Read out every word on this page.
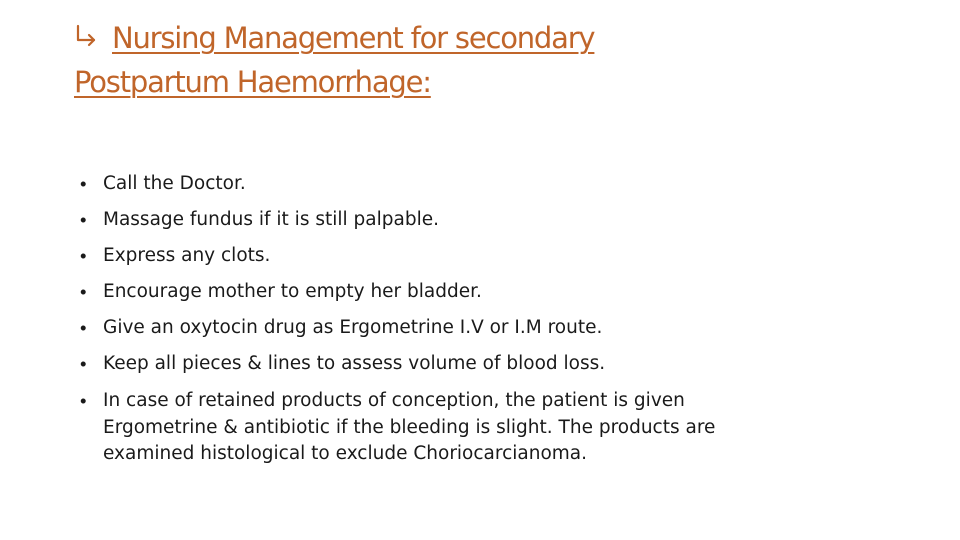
Nursing Management for secondary
Postpartum Haemorrhage:
• Call the Doctor.
• Massage fundus if it is still palpable.
• Express any clots.
• Encourage mother to empty her bladder.
• Give an oxytocin drug as Ergometrine I.V or I.M route.
• Keep all pieces & lines to assess volume of blood loss.
• In case of retained products of conception, the patient is given Ergometrine & antibiotic if the bleeding is slight. The products are examined histological to exclude Choriocarcianoma.
